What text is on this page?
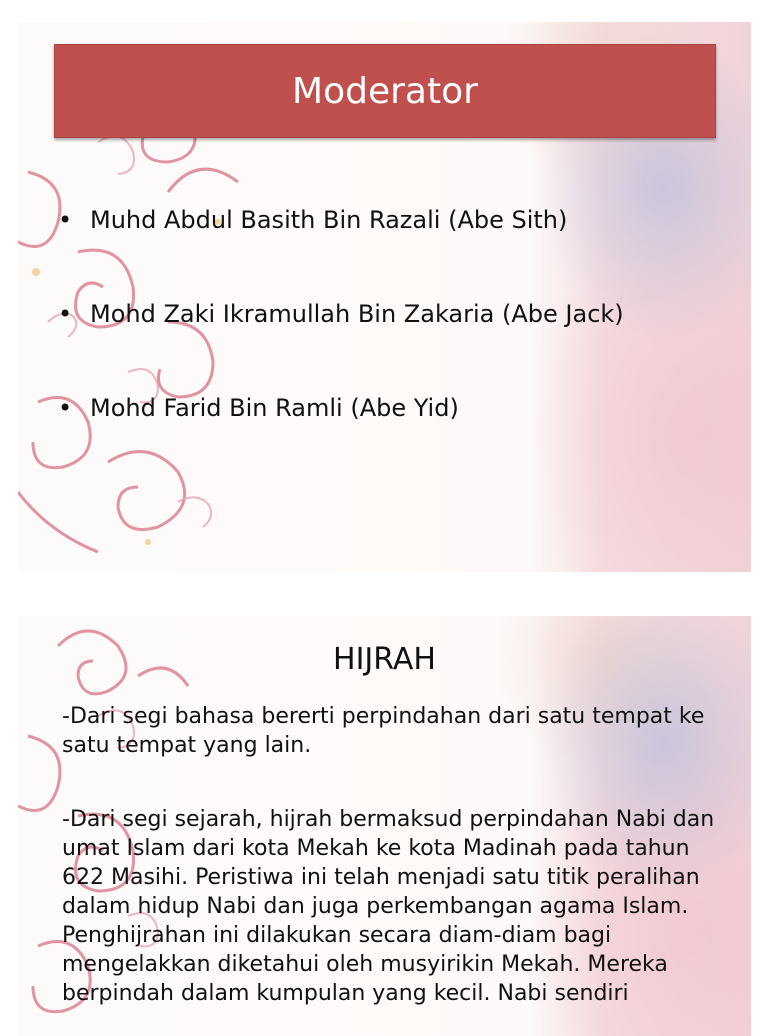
Moderator
• Muhd Abdul Basith Bin Razali (Abe Sith)
• Mohd Zaki Ikramullah Bin Zakaria (Abe Jack)
• Mohd Farid Bin Ramli (Abe Yid)
HIJRAH
-Dari segi bahasa bererti perpindahan dari satu tempat ke satu tempat yang lain.
-Dari segi sejarah, hijrah bermaksud perpindahan Nabi dan umat Islam dari kota Mekah ke kota Madinah pada tahun 622 Masihi. Peristiwa ini telah menjadi satu titik peralihan dalam hidup Nabi dan juga perkembangan agama Islam. Penghijrahan ini dilakukan secara diam-diam bagi mengelakkan diketahui oleh musyirikin Mekah. Mereka berpindah dalam kumpulan yang kecil. Nabi sendiri
